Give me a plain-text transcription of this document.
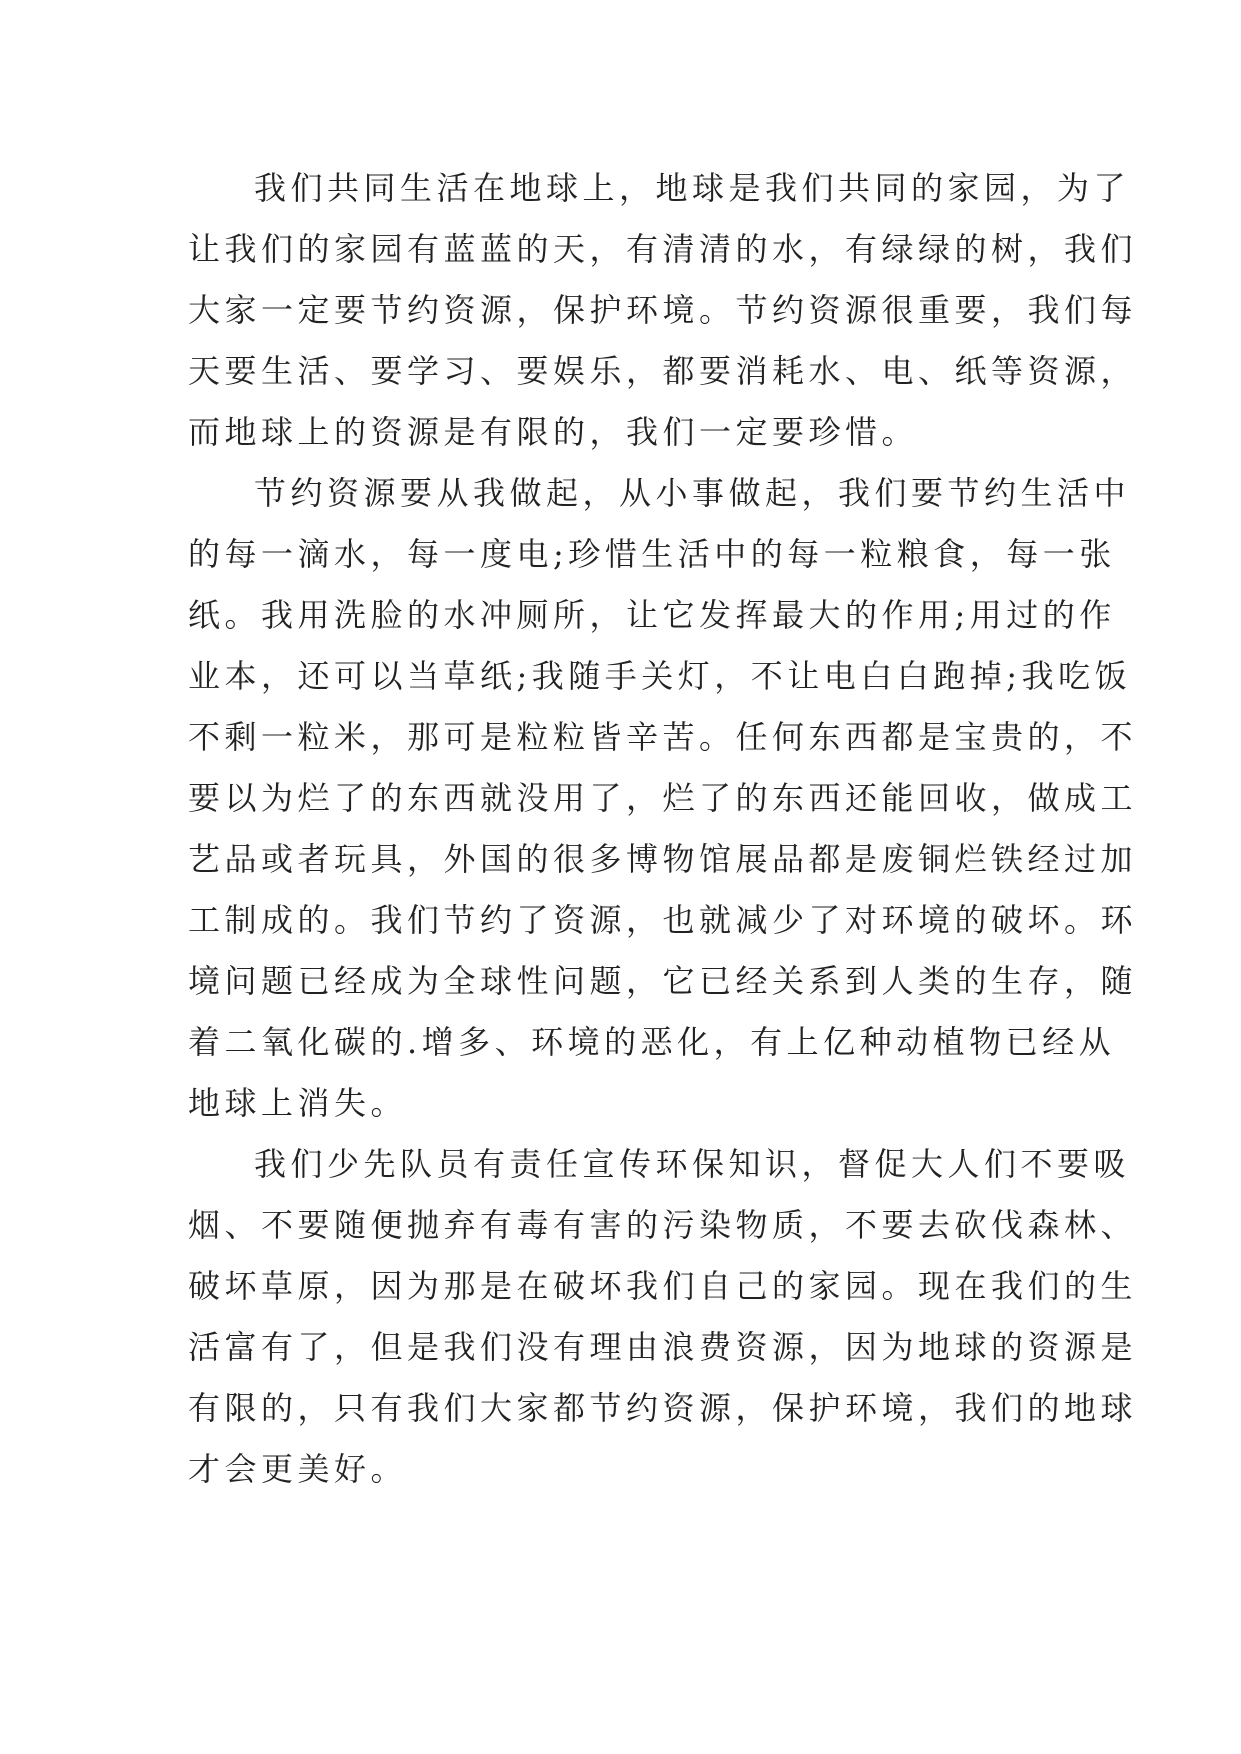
我们共同生活在地球上，地球是我们共同的家园，为了
让我们的家园有蓝蓝的天，有清清的水，有绿绿的树，我们
大家一定要节约资源，保护环境。节约资源很重要，我们每
天要生活、要学习、要娱乐，都要消耗水、电、纸等资源，
而地球上的资源是有限的，我们一定要珍惜。
节约资源要从我做起，从小事做起，我们要节约生活中
的每一滴水，每一度电;珍惜生活中的每一粒粮食，每一张
纸。我用洗脸的水冲厕所，让它发挥最大的作用;用过的作
业本，还可以当草纸;我随手关灯，不让电白白跑掉;我吃饭
不剩一粒米，那可是粒粒皆辛苦。任何东西都是宝贵的，不
要以为烂了的东西就没用了，烂了的东西还能回收，做成工
艺品或者玩具，外国的很多博物馆展品都是废铜烂铁经过加
工制成的。我们节约了资源，也就减少了对环境的破坏。环
境问题已经成为全球性问题，它已经关系到人类的生存，随
着二氧化碳的.增多、环境的恶化，有上亿种动植物已经从
地球上消失。
我们少先队员有责任宣传环保知识，督促大人们不要吸
烟、不要随便抛弃有毒有害的污染物质，不要去砍伐森林、
破坏草原，因为那是在破坏我们自己的家园。现在我们的生
活富有了，但是我们没有理由浪费资源，因为地球的资源是
有限的，只有我们大家都节约资源，保护环境，我们的地球
才会更美好。
